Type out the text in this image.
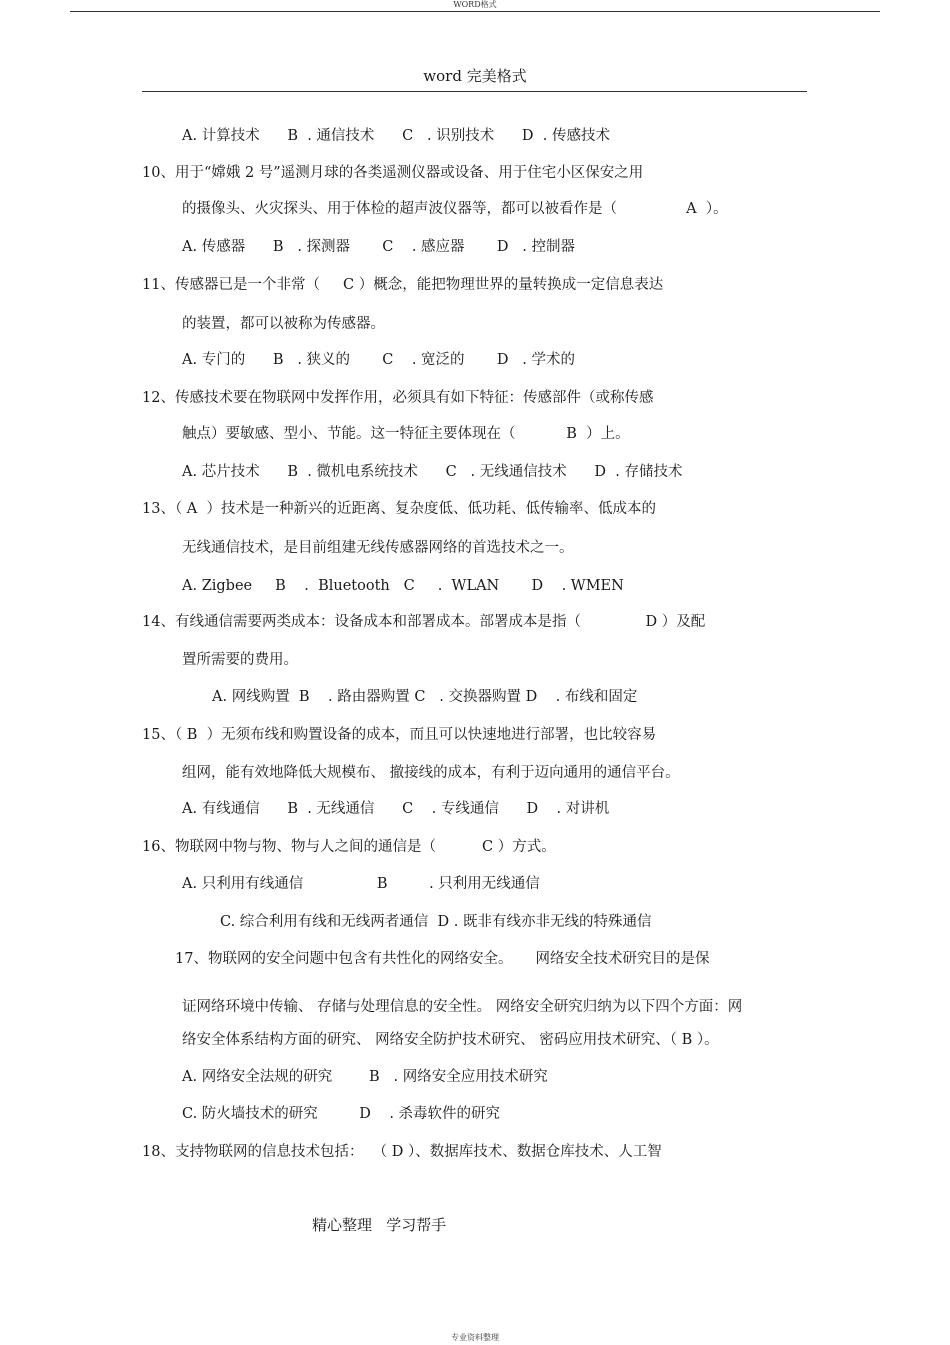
WORD格式
word 完美格式
A. 计算技术      B  . 通信技术      C   . 识别技术      D  . 传感技术
10、用于“嫦娥 2 号”遥测月球的各类遥测仪器或设备、用于住宅小区保安之用
的摄像头、火灾探头、用于体检的超声波仪器等，都可以被看作是（               A  ）。
A. 传感器      B   . 探测器       C    . 感应器       D   . 控制器
11、传感器已是一个非常（     C ）概念，能把物理世界的量转换成一定信息表达
的装置，都可以被称为传感器。
A. 专门的      B   . 狭义的       C    . 宽泛的       D   . 学术的
12、传感技术要在物联网中发挥作用，必须具有如下特征：传感部件（或称传感
触点）要敏感、型小、节能。这一特征主要体现在（           B  ）上。
A. 芯片技术      B  . 微机电系统技术      C   . 无线通信技术      D  . 存储技术
13、（ A  ）技术是一种新兴的近距离、复杂度低、低功耗、低传输率、低成本的
无线通信技术，是目前组建无线传感器网络的首选技术之一。
A. Zigbee     B    .  Bluetooth   C     .  WLAN       D    . WMEN
14、有线通信需要两类成本：设备成本和部署成本。部署成本是指（              D ）及配
置所需要的费用。
A. 网线购置  B    . 路由器购置 C   . 交换器购置 D    . 布线和固定
15、（ B  ）无须布线和购置设备的成本，而且可以快速地进行部署，也比较容易
组网，能有效地降低大规模布、 撤接线的成本，有利于迈向通用的通信平台。
A. 有线通信      B  . 无线通信      C    . 专线通信      D    . 对讲机
16、物联网中物与物、物与人之间的通信是（          C ）方式。
A. 只利用有线通信                B         . 只利用无线通信
C. 综合利用有线和无线两者通信  D . 既非有线亦非无线的特殊通信
17、物联网的安全问题中包含有共性化的网络安全。     网络安全技术研究目的是保
证网络环境中传输、 存储与处理信息的安全性。 网络安全研究归纳为以下四个方面：网
络安全体系结构方面的研究、 网络安全防护技术研究、 密码应用技术研究、（ B ）。
A. 网络安全法规的研究        B   . 网络安全应用技术研究
C. 防火墙技术的研究         D    . 杀毒软件的研究
18、支持物联网的信息技术包括：  （ D ）、数据库技术、数据仓库技术、人工智
精心整理   学习帮手
专业资料整理
